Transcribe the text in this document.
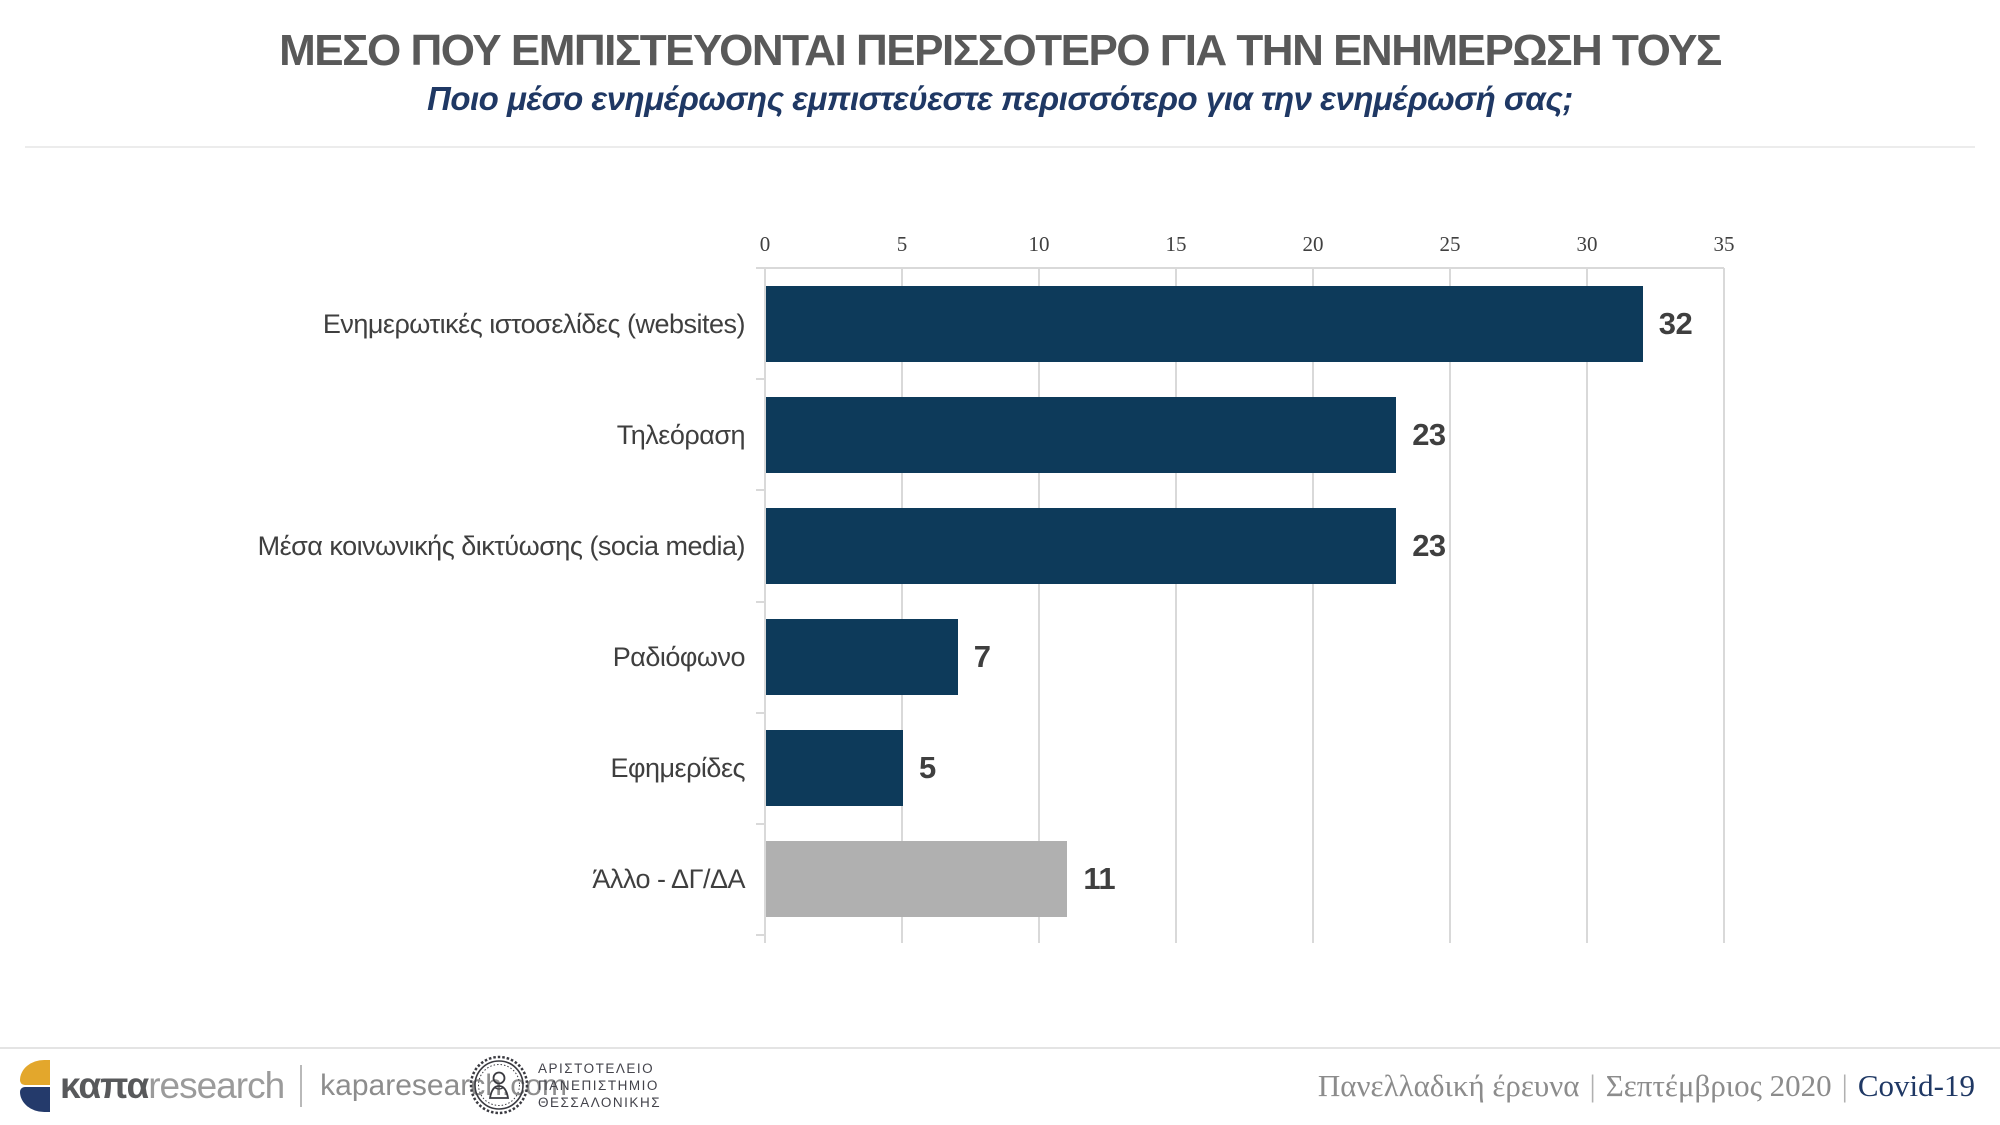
ΜΕΣΟ ΠΟΥ ΕΜΠΙΣΤΕΥΟΝΤΑΙ ΠΕΡΙΣΣΟΤΕΡΟ ΓΙΑ ΤΗΝ ΕΝΗΜΕΡΩΣΗ ΤΟΥΣ
Ποιο μέσο ενημέρωσης εμπιστεύεστε περισσότερο για την ενημέρωσή σας;
0	5	10	15	20	25	30	35
Ενημερωτικές ιστοσελίδες (websites)	32
Τηλεόραση	23
Μέσα κοινωνικής δικτύωσης (socia media)	23
Ραδιόφωνο	7
Εφημερίδες	5
Άλλο - ΔΓ/ΔΑ	11
καπα research kaparesearch.com
ΑΡΙΣΤΟΤΕΛΕΙΟ
ΠΑΝΕΠΙΣΤΗΜΙΟ
ΘΕΣΣΑΛΟΝΙΚΗΣ	Πανελλαδική έρευνα | Σεπτέμβριος 2020 | Covid-19
